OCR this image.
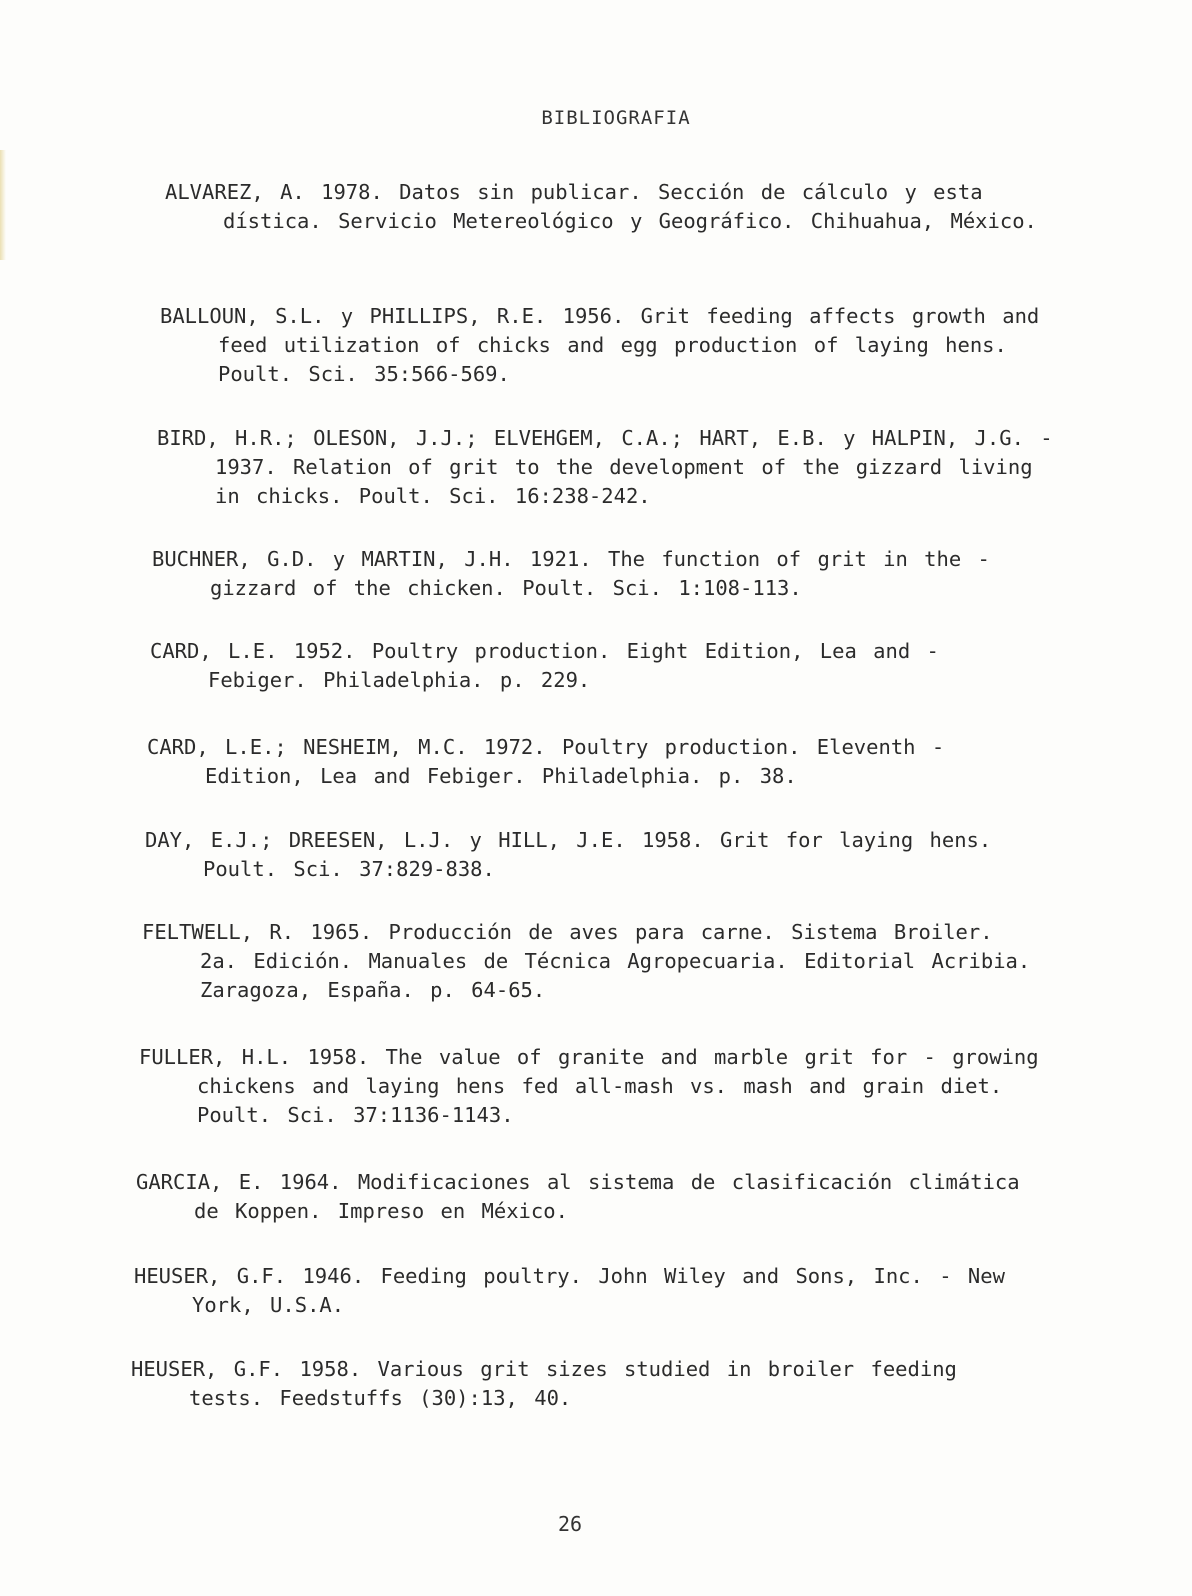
BIBLIOGRAFIA

ALVAREZ, A. 1978. Datos sin publicar. Sección de cálculo y esta dística. Servicio Metereológico y Geográfico. Chihuahua, México.

BALLOUN, S.L. y PHILLIPS, R.E. 1956. Grit feeding affects growth and feed utilization of chicks and egg production of laying hens. Poult. Sci. 35:566-569.

BIRD, H.R.; OLESON, J.J.; ELVEHGEM, C.A.; HART, E.B. y HALPIN, J.G. - 1937. Relation of grit to the development of the gizzard living in chicks. Poult. Sci. 16:238-242.

BUCHNER, G.D. y MARTIN, J.H. 1921. The function of grit in the - gizzard of the chicken. Poult. Sci. 1:108-113.

CARD, L.E. 1952. Poultry production. Eight Edition, Lea and - Febiger. Philadelphia. p. 229.

CARD, L.E.; NESHEIM, M.C. 1972. Poultry production. Eleventh - Edition, Lea and Febiger. Philadelphia. p. 38.

DAY, E.J.; DREESEN, L.J. y HILL, J.E. 1958. Grit for laying hens. Poult. Sci. 37:829-838.

FELTWELL, R. 1965. Producción de aves para carne. Sistema Broiler. 2a. Edición. Manuales de Técnica Agropecuaria. Editorial Acribia. Zaragoza, España. p. 64-65.

FULLER, H.L. 1958. The value of granite and marble grit for - growing chickens and laying hens fed all-mash vs. mash and grain diet. Poult. Sci. 37:1136-1143.

GARCIA, E. 1964. Modificaciones al sistema de clasificación climática de Koppen. Impreso en México.

HEUSER, G.F. 1946. Feeding poultry. John Wiley and Sons, Inc. - New York, U.S.A.

HEUSER, G.F. 1958. Various grit sizes studied in broiler feeding tests. Feedstuffs (30):13, 40.

26
